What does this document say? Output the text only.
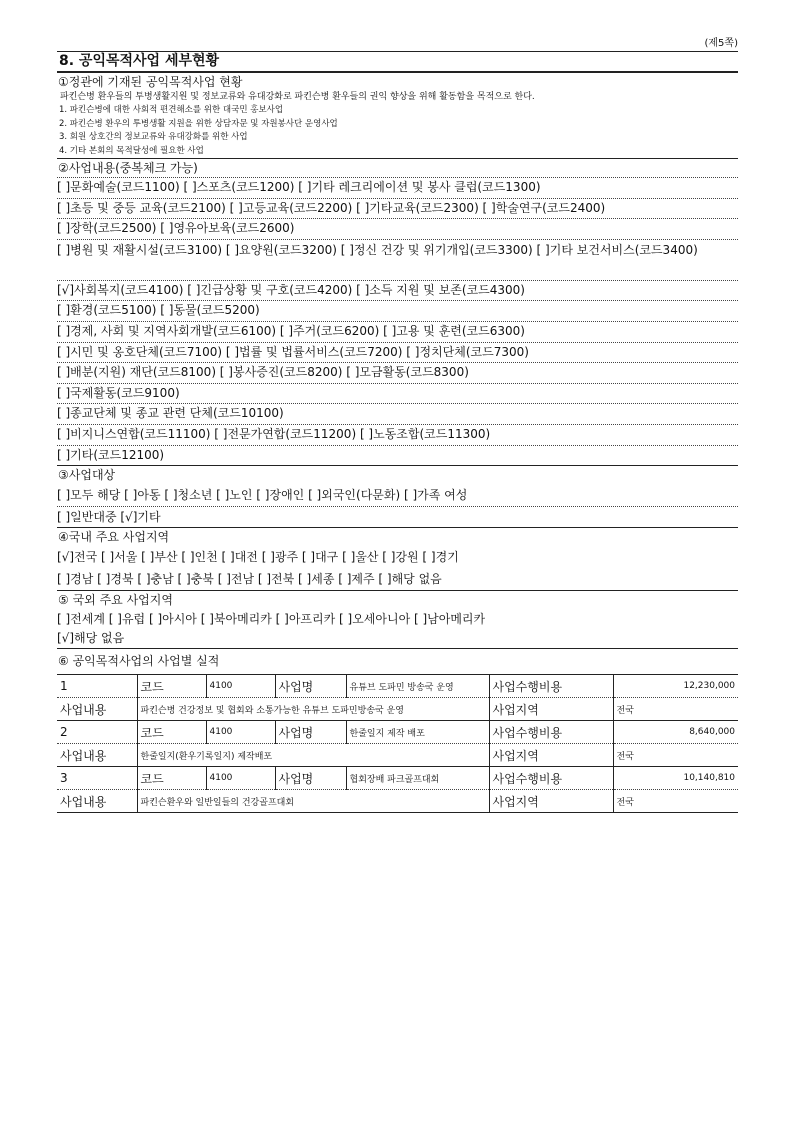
(제5쪽)
8. 공익목적사업 세부현황
①정관에 기재된 공익목적사업 현황
파킨슨병 환우들의 투병생활지원 및 정보교류와 유대강화로 파킨슨병 환우들의 권익 향상을 위해 활동함을 목적으로 한다.
1. 파킨슨병에 대한 사회적 편견해소를 위한 대국민 홍보사업
2. 파킨슨병 환우의 투병생활 지원을 위한 상담자문 및 자원봉사단 운영사업
3. 회원 상호간의 정보교류와 유대강화를 위한 사업
4. 기타 본회의 목적달성에 필요한 사업
②사업내용(중복체크 가능)
[ ]문화예술(코드1100) [ ]스포츠(코드1200) [ ]기타 레크리에이션 및 봉사 클럽(코드1300)
[ ]초등 및 중등 교육(코드2100) [ ]고등교육(코드2200) [ ]기타교육(코드2300) [ ]학술연구(코드2400)
[ ]장학(코드2500) [ ]영유아보육(코드2600)
[ ]병원 및 재활시설(코드3100) [ ]요양원(코드3200) [ ]정신 건강 및 위기개입(코드3300) [ ]기타 보건서비스(코드3400)
[√]사회복지(코드4100) [ ]긴급상황 및 구호(코드4200) [ ]소득 지원 및 보존(코드4300)
[ ]환경(코드5100) [ ]동물(코드5200)
[ ]경제, 사회 및 지역사회개발(코드6100) [ ]주거(코드6200) [ ]고용 및 훈련(코드6300)
[ ]시민 및 옹호단체(코드7100) [ ]법률 및 법률서비스(코드7200) [ ]정치단체(코드7300)
[ ]배분(지원) 재단(코드8100) [ ]봉사증진(코드8200) [ ]모금활동(코드8300)
[ ]국제활동(코드9100)
[ ]종교단체 및 종교 관련 단체(코드10100)
[ ]비지니스연합(코드11100) [ ]전문가연합(코드11200) [ ]노동조합(코드11300)
[ ]기타(코드12100)
③사업대상
[ ]모두 해당 [ ]아동 [ ]청소년 [ ]노인 [ ]장애인 [ ]외국인(다문화) [ ]가족 여성
[ ]일반대중 [√]기타
④국내 주요 사업지역
[√]전국 [ ]서울 [ ]부산 [ ]인천 [ ]대전 [ ]광주 [ ]대구 [ ]울산 [ ]강원 [ ]경기
[ ]경남 [ ]경북 [ ]충남 [ ]충북 [ ]전남 [ ]전북 [ ]세종 [ ]제주 [ ]해당 없음
⑤ 국외 주요 사업지역
[ ]전세계 [ ]유럽 [ ]아시아 [ ]북아메리카 [ ]아프리카 [ ]오세아니아 [ ]남아메리카
[√]해당 없음
⑥ 공익목적사업의 사업별 실적
1	코드	4100	사업명	유튜브 도파민 방송국 운영	사업수행비용	12,230,000
사업내용	파킨슨병 건강정보 및 협회와 소통가능한 유튜브 도파민방송국 운영				사업지역	전국
2	코드	4100	사업명	한줄일지 제작 배포	사업수행비용	8,640,000
사업내용	한줄일지(환우기록일지) 제작배포				사업지역	전국
3	코드	4100	사업명	협회장배 파크골프대회	사업수행비용	10,140,810
사업내용	파킨슨환우와 일반일들의 건강골프대회				사업지역	전국
